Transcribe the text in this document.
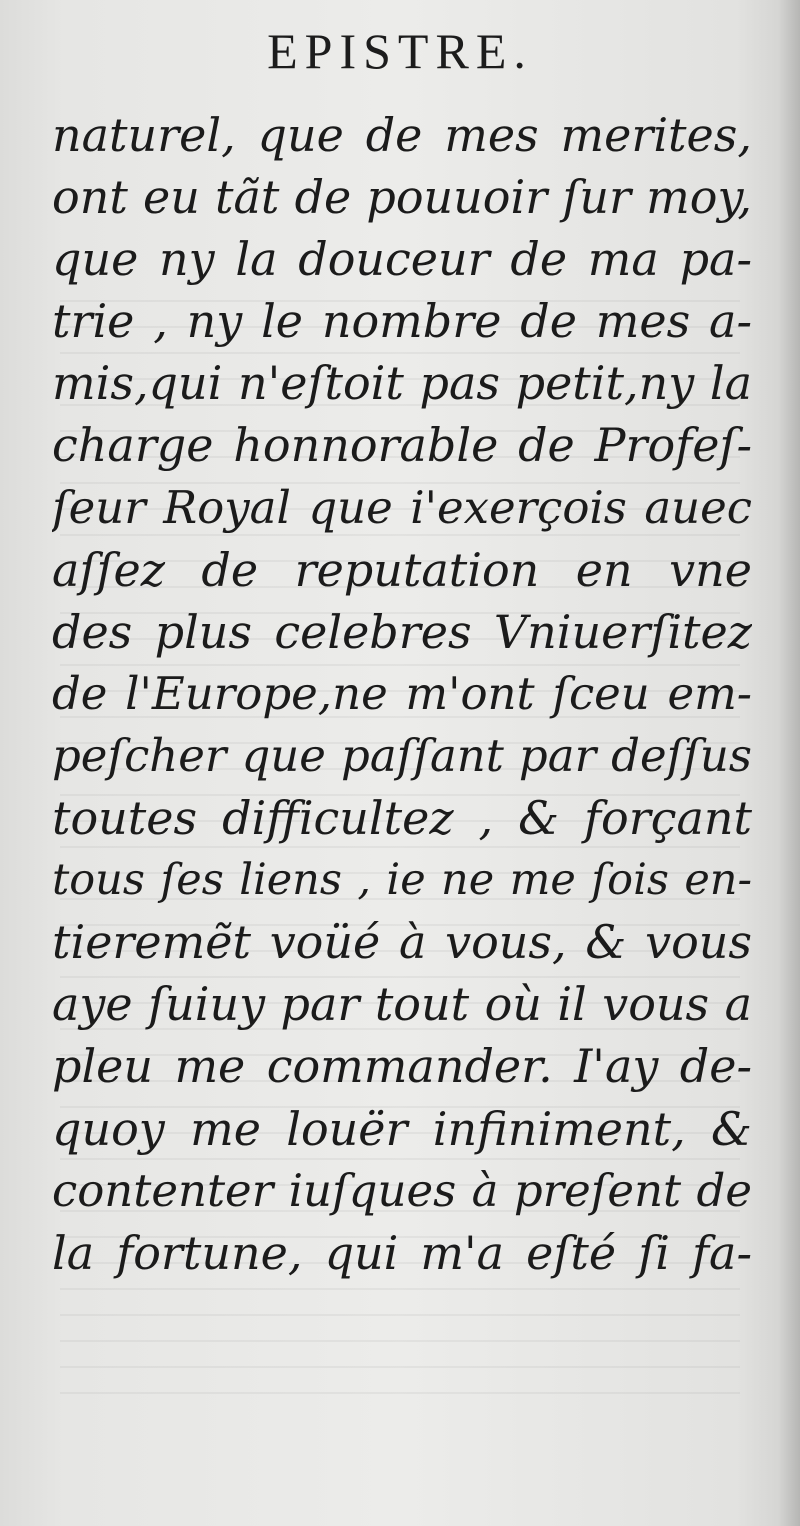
EPISTRE.
naturel, que de mes merites,
ont eu tãt de pouuoir ſur moy,
que ny la douceur de ma pa-
trie , ny le nombre de mes a-
mis,qui n'eſtoit pas petit,ny la
charge honnorable de Profeſ-
ſeur Royal que i'exerçois auec
aſſez de reputation en vne
des plus celebres Vniuerſitez
de l'Europe,ne m'ont ſceu em-
peſcher que paſſant par deſſus
toutes difficultez , & forçant
tous ſes liens , ie ne me ſois en-
tieremẽt voüé à vous, & vous
aye ſuiuy par tout où il vous a
pleu me commander. I'ay de-
quoy me louër infiniment, &
contenter iuſques à preſent de
la fortune, qui m'a eſté ſi fa-
